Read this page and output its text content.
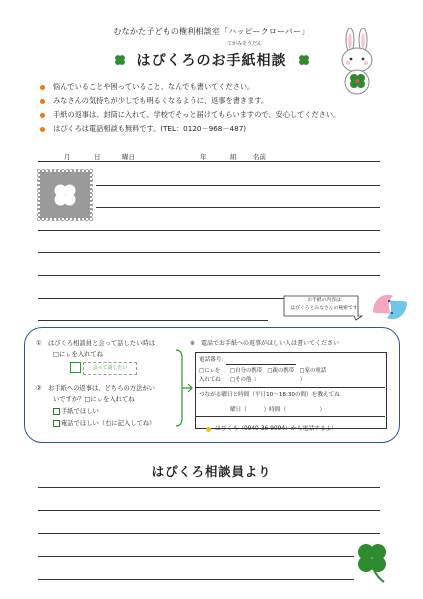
むなかた子どもの権利相談室「ハッピークローバー」
てがみそうだん
はぴくろのお手紙相談
悩んでいることや困っていること、なんでも書いてください。
みなさんの気持ちが少しでも明るくなるように、返事を書きます。
手紙の返事は、封筒に入れて、学校でそっと届けてもらいますので、安心してください。
はぴくろは電話相談も無料です。(TEL：0120－968－487)
月	日	曜日	年	組	名前
お手紙の内容は
はぴくろとみなさんの秘密です
①　はぴくろ相談員と会って話したい時は
□にㇾを入れてね
会って話したい
②　お手紙への返事は、どちらの方法がい
いですか？□にㇾを入れてね
手紙でほしい
電話でほしい（右に記入してね）
※　電話でお手紙への返事がほしい人は書いてください
電話番号：
□にㇾを
入れてね
□自分の携帯　□親の携帯　□家の電話
□その他（　　　　　　　　）
つながる曜日と時間（平日10～18:30の間）を教えてね
曜日（　　　）時間（　　　　　　）
はぴくろ（0940-36-9094）から電話するよ！
はぴくろ相談員より
